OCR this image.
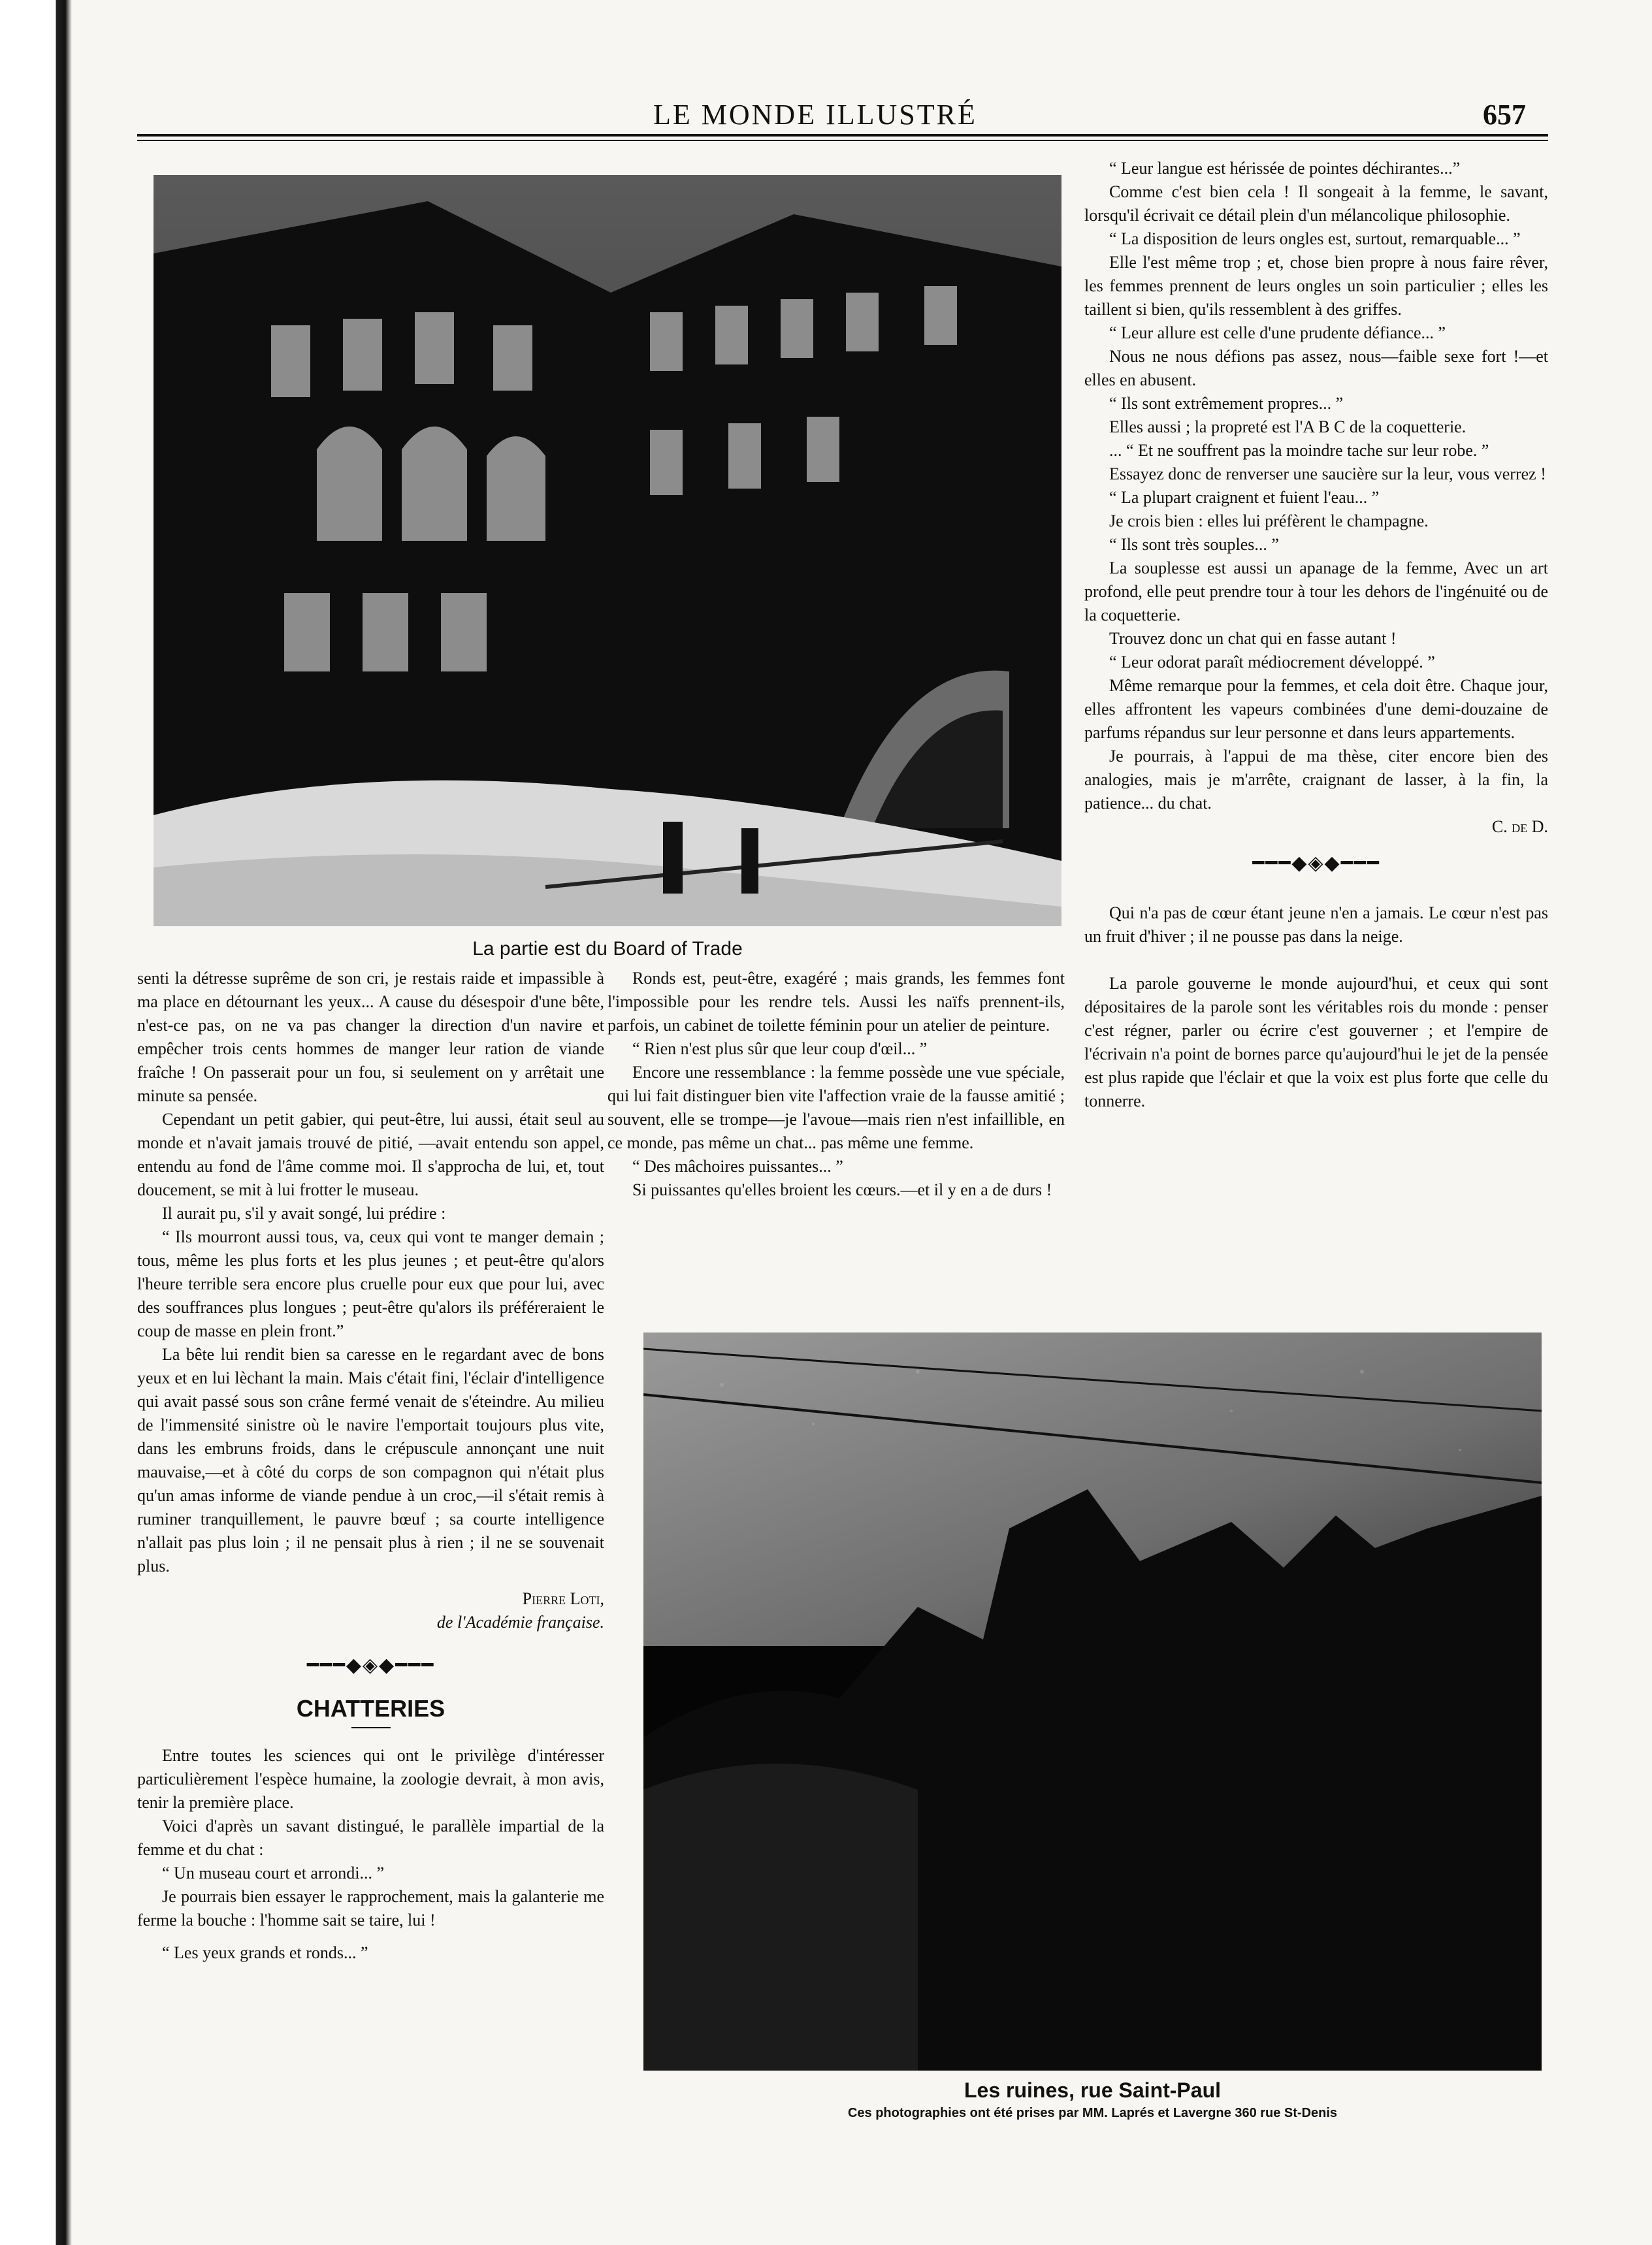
LE MONDE ILLUSTRÉ	657
La partie est du Board of Trade

senti la détresse suprême de son cri, je restais raide et impassible à ma place en détournant les yeux... A cause du désespoir d'une bête, n'est-ce pas, on ne va pas changer la direction d'un navire et empêcher trois cents hommes de manger leur ration de viande fraîche ! On passerait pour un fou, si seulement on y arrêtait une minute sa pensée.

Cependant un petit gabier, qui peut-être, lui aussi, était seul au monde et n'avait jamais trouvé de pitié, —avait entendu son appel, entendu au fond de l'âme comme moi. Il s'approcha de lui, et, tout doucement, se mit à lui frotter le museau.

Il aurait pu, s'il y avait songé, lui prédire :

“ Ils mourront aussi tous, va, ceux qui vont te manger demain ; tous, même les plus forts et les plus jeunes ; et peut-être qu'alors l'heure terrible sera encore plus cruelle pour eux que pour lui, avec des souffrances plus longues ; peut-être qu'alors ils préféreraient le coup de masse en plein front.”

La bête lui rendit bien sa caresse en le regardant avec de bons yeux et en lui lèchant la main. Mais c'était fini, l'éclair d'intelligence qui avait passé sous son crâne fermé venait de s'éteindre. Au milieu de l'immensité sinistre où le navire l'emportait toujours plus vite, dans les embruns froids, dans le crépuscule annonçant une nuit mauvaise,—et à côté du corps de son compagnon qui n'était plus qu'un amas informe de viande pendue à un croc,—il s'était remis à ruminer tranquillement, le pauvre bœuf ; sa courte intelligence n'allait pas plus loin ; il ne pensait plus à rien ; il ne se souvenait plus.

Pierre Loti,
de l'Académie française.
━━━◆◈◆━━━
CHATTERIES

Entre toutes les sciences qui ont le privilège d'intéresser particulièrement l'espèce humaine, la zoologie devrait, à mon avis, tenir la première place.

Voici d'après un savant distingué, le parallèle impartial de la femme et du chat :

“ Un museau court et arrondi... ”

Je pourrais bien essayer le rapprochement, mais la galanterie me ferme la bouche : l'homme sait se taire, lui !

“ Les yeux grands et ronds... ”

Ronds est, peut-être, exagéré ; mais grands, les femmes font l'impossible pour les rendre tels. Aussi les naïfs prennent-ils, parfois, un cabinet de toilette féminin pour un atelier de peinture.

“ Rien n'est plus sûr que leur coup d'œil... ”

Encore une ressemblance : la femme possède une vue spéciale, qui lui fait distinguer bien vite l'affection vraie de la fausse amitié ; souvent, elle se trompe—je l'avoue—mais rien n'est infaillible, en ce monde, pas même un chat... pas même une femme.

“ Des mâchoires puissantes... ”

Si puissantes qu'elles broient les cœurs.—et il y en a de durs !

“ Leur langue est hérissée de pointes déchirantes...”

Comme c'est bien cela ! Il songeait à la femme, le savant, lorsqu'il écrivait ce détail plein d'un mélancolique philosophie.

“ La disposition de leurs ongles est, surtout, remarquable... ”

Elle l'est même trop ; et, chose bien propre à nous faire rêver, les femmes prennent de leurs ongles un soin particulier ; elles les taillent si bien, qu'ils ressemblent à des griffes.

“ Leur allure est celle d'une prudente défiance... ”

Nous ne nous défions pas assez, nous—faible sexe fort !—et elles en abusent.

“ Ils sont extrêmement propres... ”

Elles aussi ; la propreté est l'A B C de la coquetterie.

... “ Et ne souffrent pas la moindre tache sur leur robe. ”

Essayez donc de renverser une saucière sur la leur, vous verrez !

“ La plupart craignent et fuient l'eau... ”

Je crois bien : elles lui préfèrent le champagne.

“ Ils sont très souples... ”

La souplesse est aussi un apanage de la femme, Avec un art profond, elle peut prendre tour à tour les dehors de l'ingénuité ou de la coquetterie.

Trouvez donc un chat qui en fasse autant !

“ Leur odorat paraît médiocrement développé. ”

Même remarque pour la femmes, et cela doit être. Chaque jour, elles affrontent les vapeurs combinées d'une demi-douzaine de parfums répandus sur leur personne et dans leurs appartements.

Je pourrais, à l'appui de ma thèse, citer encore bien des analogies, mais je m'arrête, craignant de lasser, à la fin, la patience... du chat.

C. de D.
━━━◆◈◆━━━

Qui n'a pas de cœur étant jeune n'en a jamais. Le cœur n'est pas un fruit d'hiver ; il ne pousse pas dans la neige.

La parole gouverne le monde aujourd'hui, et ceux qui sont dépositaires de la parole sont les véritables rois du monde : penser c'est régner, parler ou écrire c'est gouverner ; et l'empire de l'écrivain n'a point de bornes parce qu'aujourd'hui le jet de la pensée est plus rapide que l'éclair et que la voix est plus forte que celle du tonnerre.

Les ruines, rue Saint-Paul
Ces photographies ont été prises par MM. Laprés et Lavergne 360 rue St-Denis
